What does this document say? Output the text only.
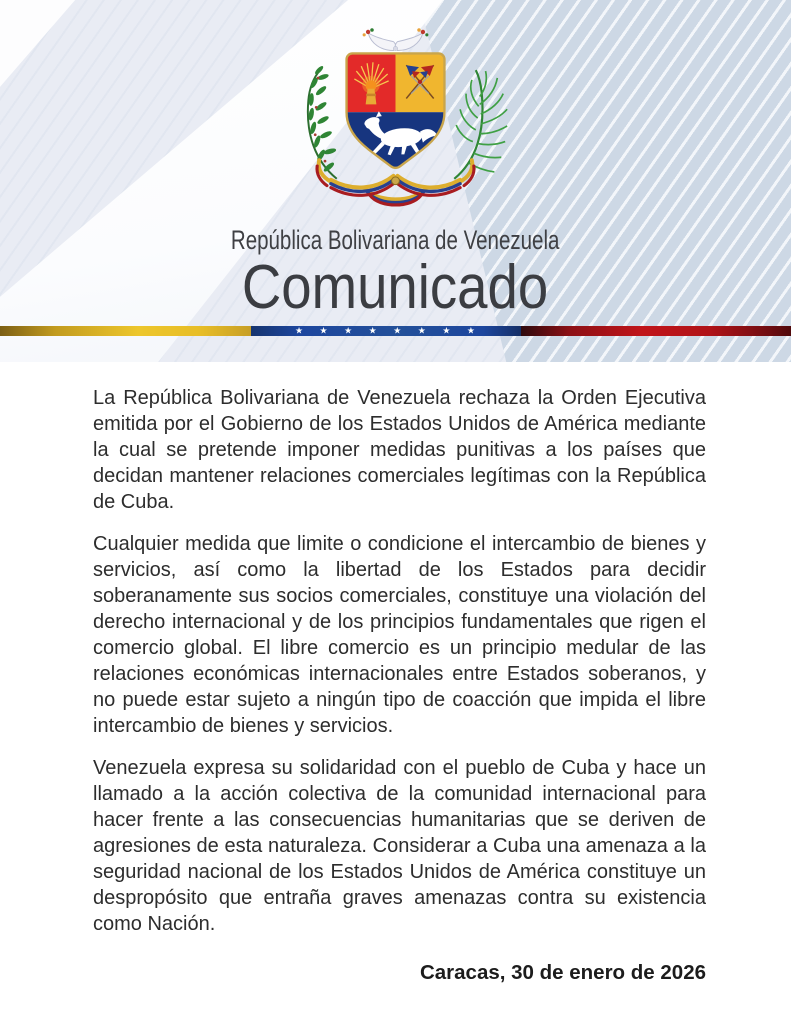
República Bolivariana de Venezuela
Comunicado
★ ★ ★ ★ ★ ★ ★ ★

La República Bolivariana de Venezuela rechaza la Orden Ejecutiva emitida por el Gobierno de los Estados Unidos de América mediante la cual se pretende imponer medidas punitivas a los países que decidan mantener relaciones comerciales legítimas con la República de Cuba.

Cualquier medida que limite o condicione el intercambio de bienes y servicios, así como la libertad de los Estados para decidir soberanamente sus socios comerciales, constituye una violación del derecho internacional y de los principios fundamentales que rigen el comercio global. El libre comercio es un principio medular de las relaciones económicas internacionales entre Estados soberanos, y no puede estar sujeto a ningún tipo de coacción que impida el libre intercambio de bienes y servicios.

Venezuela expresa su solidaridad con el pueblo de Cuba y hace un llamado a la acción colectiva de la comunidad internacional para hacer frente a las consecuencias humanitarias que se deriven de agresiones de esta naturaleza. Considerar a Cuba una amenaza a la seguridad nacional de los Estados Unidos de América constituye un despropósito que entraña graves amenazas contra su existencia como Nación.

Caracas, 30 de enero de 2026
